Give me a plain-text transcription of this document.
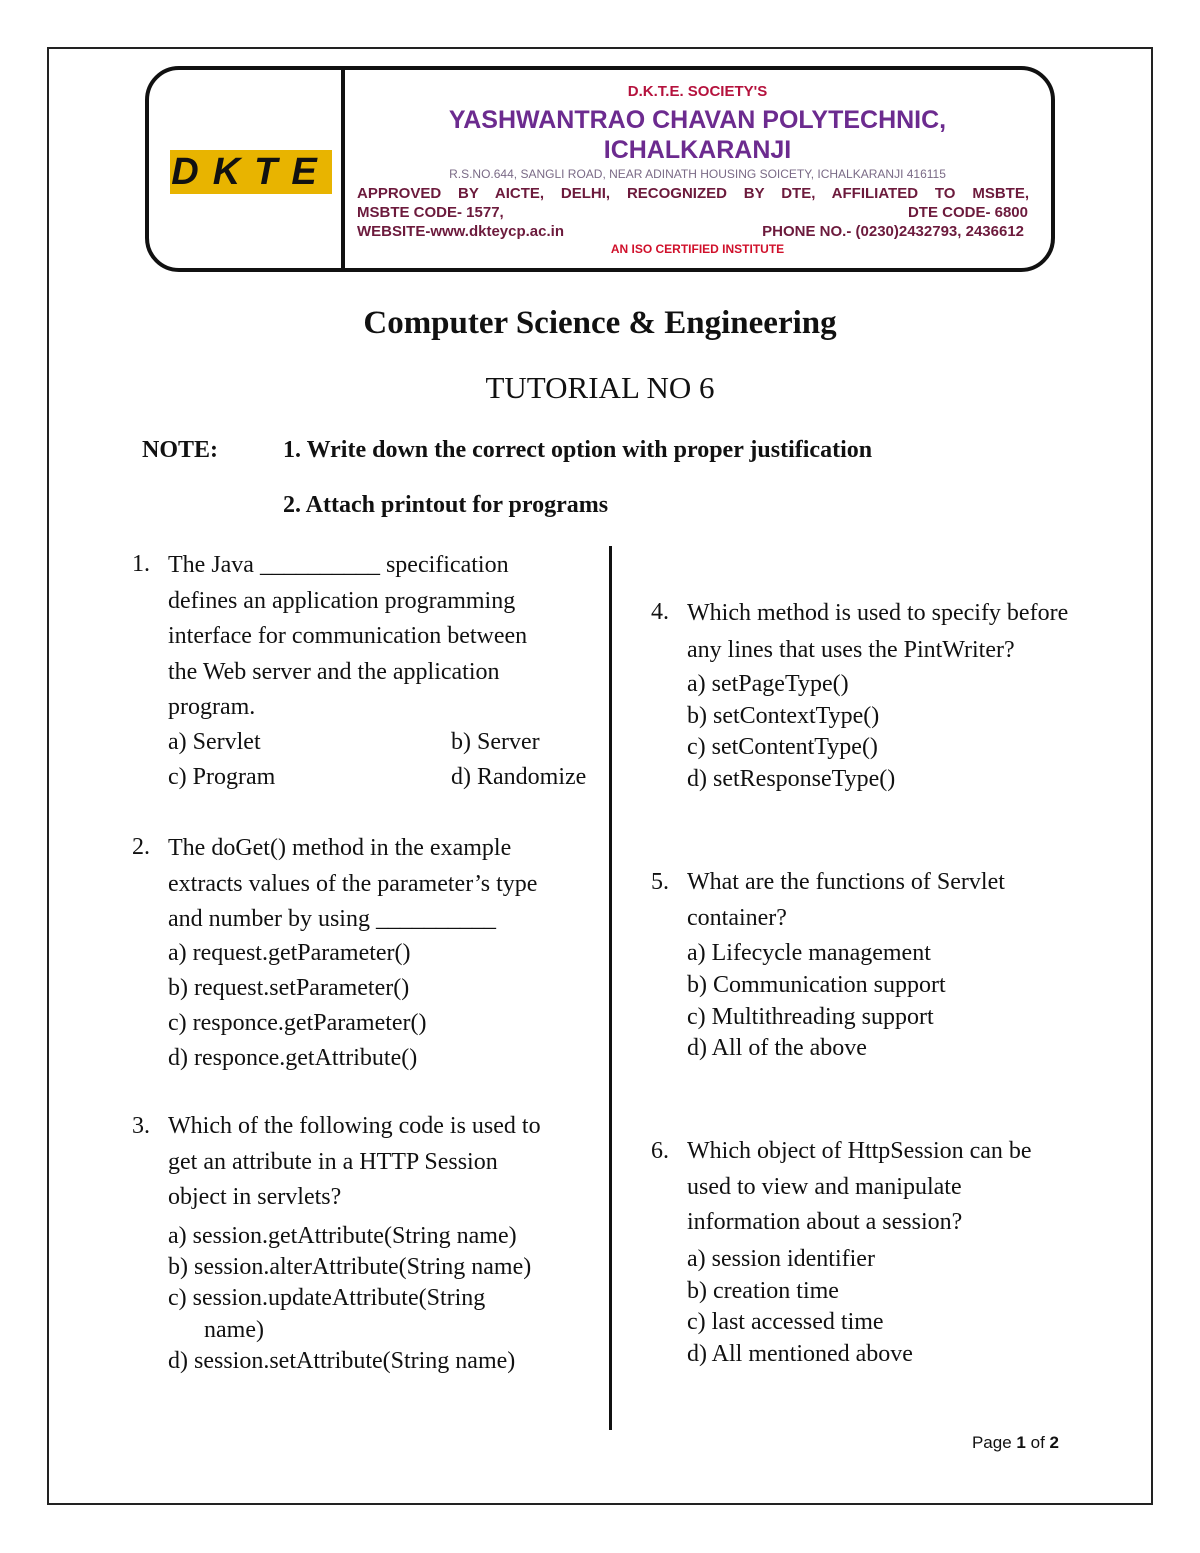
DKTE
D.K.T.E. SOCIETY'S
YASHWANTRAO CHAVAN POLYTECHNIC,
ICHALKARANJI
R.S.NO.644, SANGLI ROAD, NEAR ADINATH HOUSING SOICETY, ICHALKARANJI 416115
APPROVED BY AICTE, DELHI, RECOGNIZED BY DTE, AFFILIATED TO MSBTE,
MSBTE CODE- 1577,	DTE CODE- 6800
WEBSITE-www.dkteycp.ac.in	PHONE NO.- (0230)2432793, 2436612
AN ISO CERTIFIED INSTITUTE
Computer Science & Engineering
TUTORIAL NO 6
NOTE:	1. Write down the correct option with proper justification
2. Attach printout for programs
1. The Java __________ specification
defines an application programming
interface for communication between
the Web server and the application
program.
a) Servlet	b) Server
c) Program	d) Randomize
2. The doGet() method in the example
extracts values of the parameter’s type
and number by using __________
a) request.getParameter()
b) request.setParameter()
c) responce.getParameter()
d) responce.getAttribute()
3. Which of the following code is used to
get an attribute in a HTTP Session
object in servlets?
a) session.getAttribute(String name)
b) session.alterAttribute(String name)
c) session.updateAttribute(String
name)
d) session.setAttribute(String name)
4. Which method is used to specify before
any lines that uses the PintWriter?
a) setPageType()
b) setContextType()
c) setContentType()
d) setResponseType()
5. What are the functions of Servlet
container?
a) Lifecycle management
b) Communication support
c) Multithreading support
d) All of the above
6. Which object of HttpSession can be
used to view and manipulate
information about a session?
a) session identifier
b) creation time
c) last accessed time
d) All mentioned above
Page 1 of 2
